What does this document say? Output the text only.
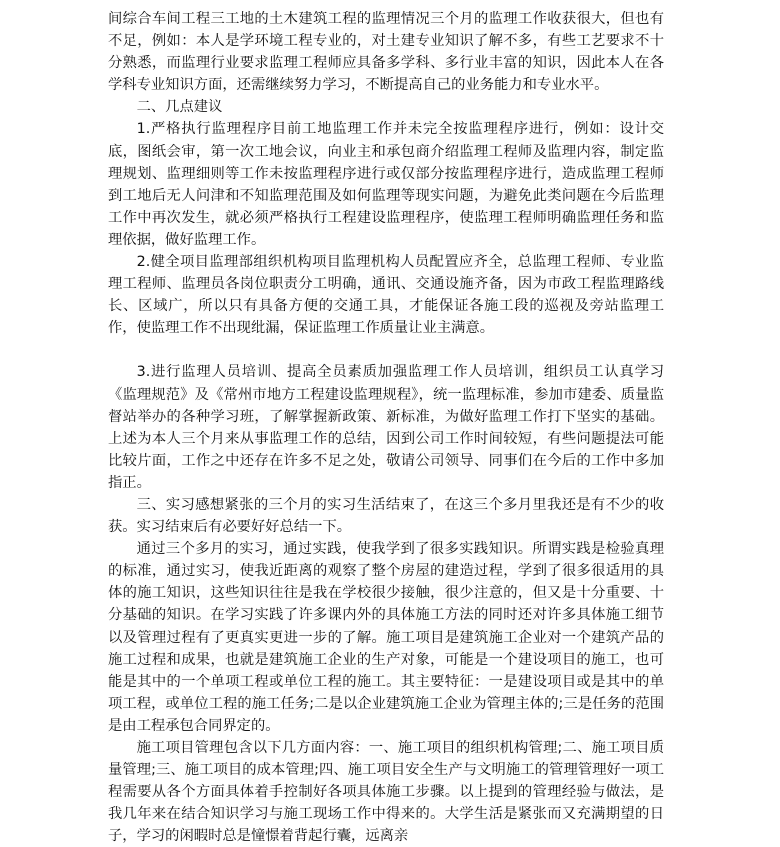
间综合车间工程三工地的土木建筑工程的监理情况三个月的监理工作收获很大，但也有不足，例如：本人是学环境工程专业的，对土建专业知识了解不多，有些工艺要求不十分熟悉，而监理行业要求监理工程师应具备多学科、多行业丰富的知识，因此本人在各学科专业知识方面，还需继续努力学习，不断提高自己的业务能力和专业水平。

二、几点建议

1.严格执行监理程序目前工地监理工作并未完全按监理程序进行，例如：设计交底，图纸会审，第一次工地会议，向业主和承包商介绍监理工程师及监理内容，制定监理规划、监理细则等工作未按监理程序进行或仅部分按监理程序进行，造成监理工程师到工地后无人问津和不知监理范围及如何监理等现实问题，为避免此类问题在今后监理工作中再次发生，就必须严格执行工程建设监理程序，使监理工程师明确监理任务和监理依据，做好监理工作。

2.健全项目监理部组织机构项目监理机构人员配置应齐全，总监理工程师、专业监理工程师、监理员各岗位职责分工明确，通讯、交通设施齐备，因为市政工程监理路线长、区域广，所以只有具备方便的交通工具，才能保证各施工段的巡视及旁站监理工作，使监理工作不出现纰漏，保证监理工作质量让业主满意。

3.进行监理人员培训、提高全员素质加强监理工作人员培训，组织员工认真学习《监理规范》及《常州市地方工程建设监理规程》，统一监理标准，参加市建委、质量监督站举办的各种学习班，了解掌握新政策、新标准，为做好监理工作打下坚实的基础。上述为本人三个月来从事监理工作的总结，因到公司工作时间较短，有些问题提法可能比较片面，工作之中还存在许多不足之处，敬请公司领导、同事们在今后的工作中多加指正。

三、实习感想紧张的三个月的实习生活结束了，在这三个多月里我还是有不少的收获。实习结束后有必要好好总结一下。

通过三个多月的实习，通过实践，使我学到了很多实践知识。所谓实践是检验真理的标准，通过实习，使我近距离的观察了整个房屋的建造过程，学到了很多很适用的具体的施工知识，这些知识往往是我在学校很少接触，很少注意的，但又是十分重要、十分基础的知识。在学习实践了许多课内外的具体施工方法的同时还对许多具体施工细节以及管理过程有了更真实更进一步的了解。施工项目是建筑施工企业对一个建筑产品的施工过程和成果，也就是建筑施工企业的生产对象，可能是一个建设项目的施工，也可能是其中的一个单项工程或单位工程的施工。其主要特征：一是建设项目或是其中的单项工程，或单位工程的施工任务;二是以企业建筑施工企业为管理主体的;三是任务的范围是由工程承包合同界定的。

施工项目管理包含以下几方面内容：一、施工项目的组织机构管理;二、施工项目质量管理;三、施工项目的成本管理;四、施工项目安全生产与文明施工的管理管理好一项工程需要从各个方面具体着手控制好各项具体施工步骤。以上提到的管理经验与做法，是我几年来在结合知识学习与施工现场工作中得来的。大学生活是紧张而又充满期望的日子，学习的闲暇时总是憧憬着背起行囊，远离亲
